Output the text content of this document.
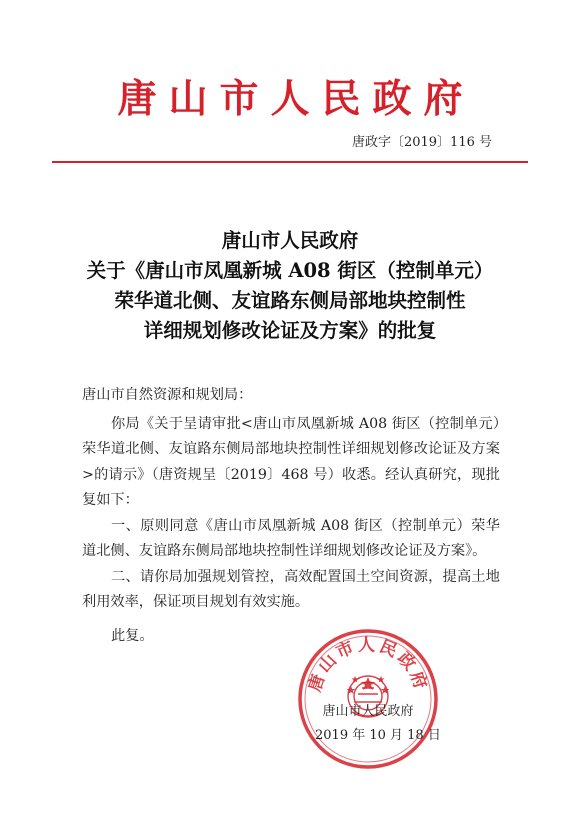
唐山市人民政府
唐政字〔2019〕116 号
唐山市人民政府
关于《唐山市凤凰新城 A08 街区（控制单元）
荣华道北侧、友谊路东侧局部地块控制性
详细规划修改论证及方案》的批复

唐山市自然资源和规划局：

你局《关于呈请审批<唐山市凤凰新城 A08 街区（控制单元）荣华道北侧、友谊路东侧局部地块控制性详细规划修改论证及方案>的请示》（唐资规呈〔2019〕468 号）收悉。经认真研究，现批复如下：

一、原则同意《唐山市凤凰新城 A08 街区（控制单元）荣华道北侧、友谊路东侧局部地块控制性详细规划修改论证及方案》。

二、请你局加强规划管控，高效配置国土空间资源，提高土地利用效率，保证项目规划有效实施。

此复。

唐山市人民政府
唐山市人民政府
2019 年 10 月 18 日
